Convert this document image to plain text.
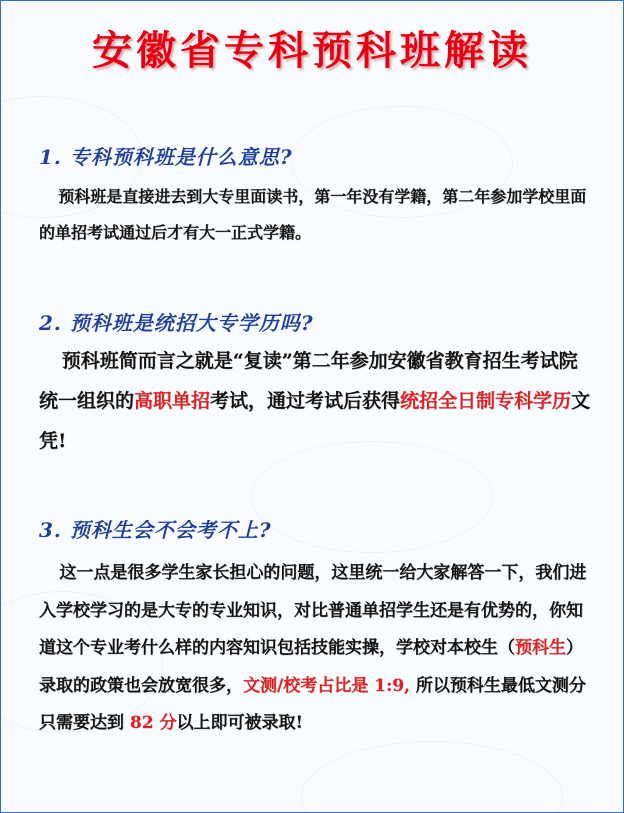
安徽省专科预科班解读
1. 专科预科班是什么意思?
预科班是直接进去到大专里面读书，第一年没有学籍，第二年参加学校里面的单招考试通过后才有大一正式学籍。
2. 预科班是统招大专学历吗?
预科班简而言之就是“复读”第二年参加安徽省教育招生考试院统一组织的高职单招考试，通过考试后获得统招全日制专科学历文凭!
3. 预科生会不会考不上?
这一点是很多学生家长担心的问题，这里统一给大家解答一下，我们进入学校学习的是大专的专业知识，对比普通单招学生还是有优势的，你知道这个专业考什么样的内容知识包括技能实操，学校对本校生（预科生）录取的政策也会放宽很多，文测/校考占比是 1:9, 所以预科生最低文测分只需要达到 82 分以上即可被录取!
